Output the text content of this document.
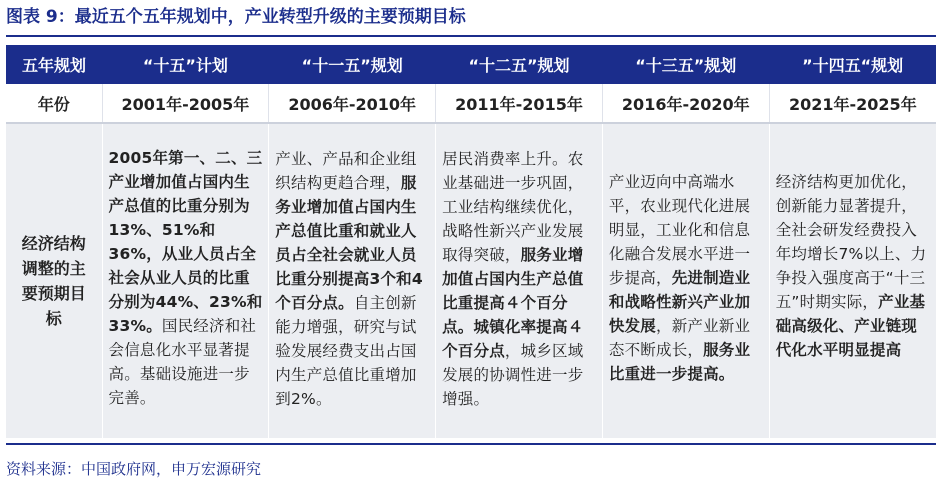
图表 9：最近五个五年规划中，产业转型升级的主要预期目标
五年规划	“十五”计划	“十一五”规划	“十二五”规划	“十三五”规划	”十四五“规划
年份	2001年-2005年	2006年-2010年	2011年-2015年	2016年-2020年	2021年-2025年
经济结构调整的主要预期目标	2005年第一、二、三产业增加值占国内生产总值的比重分别为13%、51%和36%，从业人员占全社会从业人员的比重分别为44%、23%和33%。国民经济和社会信息化水平显著提高。基础设施进一步完善。	产业、产品和企业组织结构更趋合理，服务业增加值占国内生产总值比重和就业人员占全社会就业人员比重分别提高3个和4个百分点。自主创新能力增强，研究与试验发展经费支出占国内生产总值比重增加到2%。	居民消费率上升。农业基础进一步巩固，工业结构继续优化，战略性新兴产业发展取得突破，服务业增加值占国内生产总值比重提高４个百分点。城镇化率提高４个百分点，城乡区域发展的协调性进一步增强。	产业迈向中高端水平，农业现代化进展明显，工业化和信息化融合发展水平进一步提高，先进制造业和战略性新兴产业加快发展，新产业新业态不断成长，服务业比重进一步提高。	经济结构更加优化，创新能力显著提升，全社会研发经费投入年均增长7%以上、力争投入强度高于“十三五”时期实际，产业基础高级化、产业链现代化水平明显提高
资料来源：中国政府网，申万宏源研究
